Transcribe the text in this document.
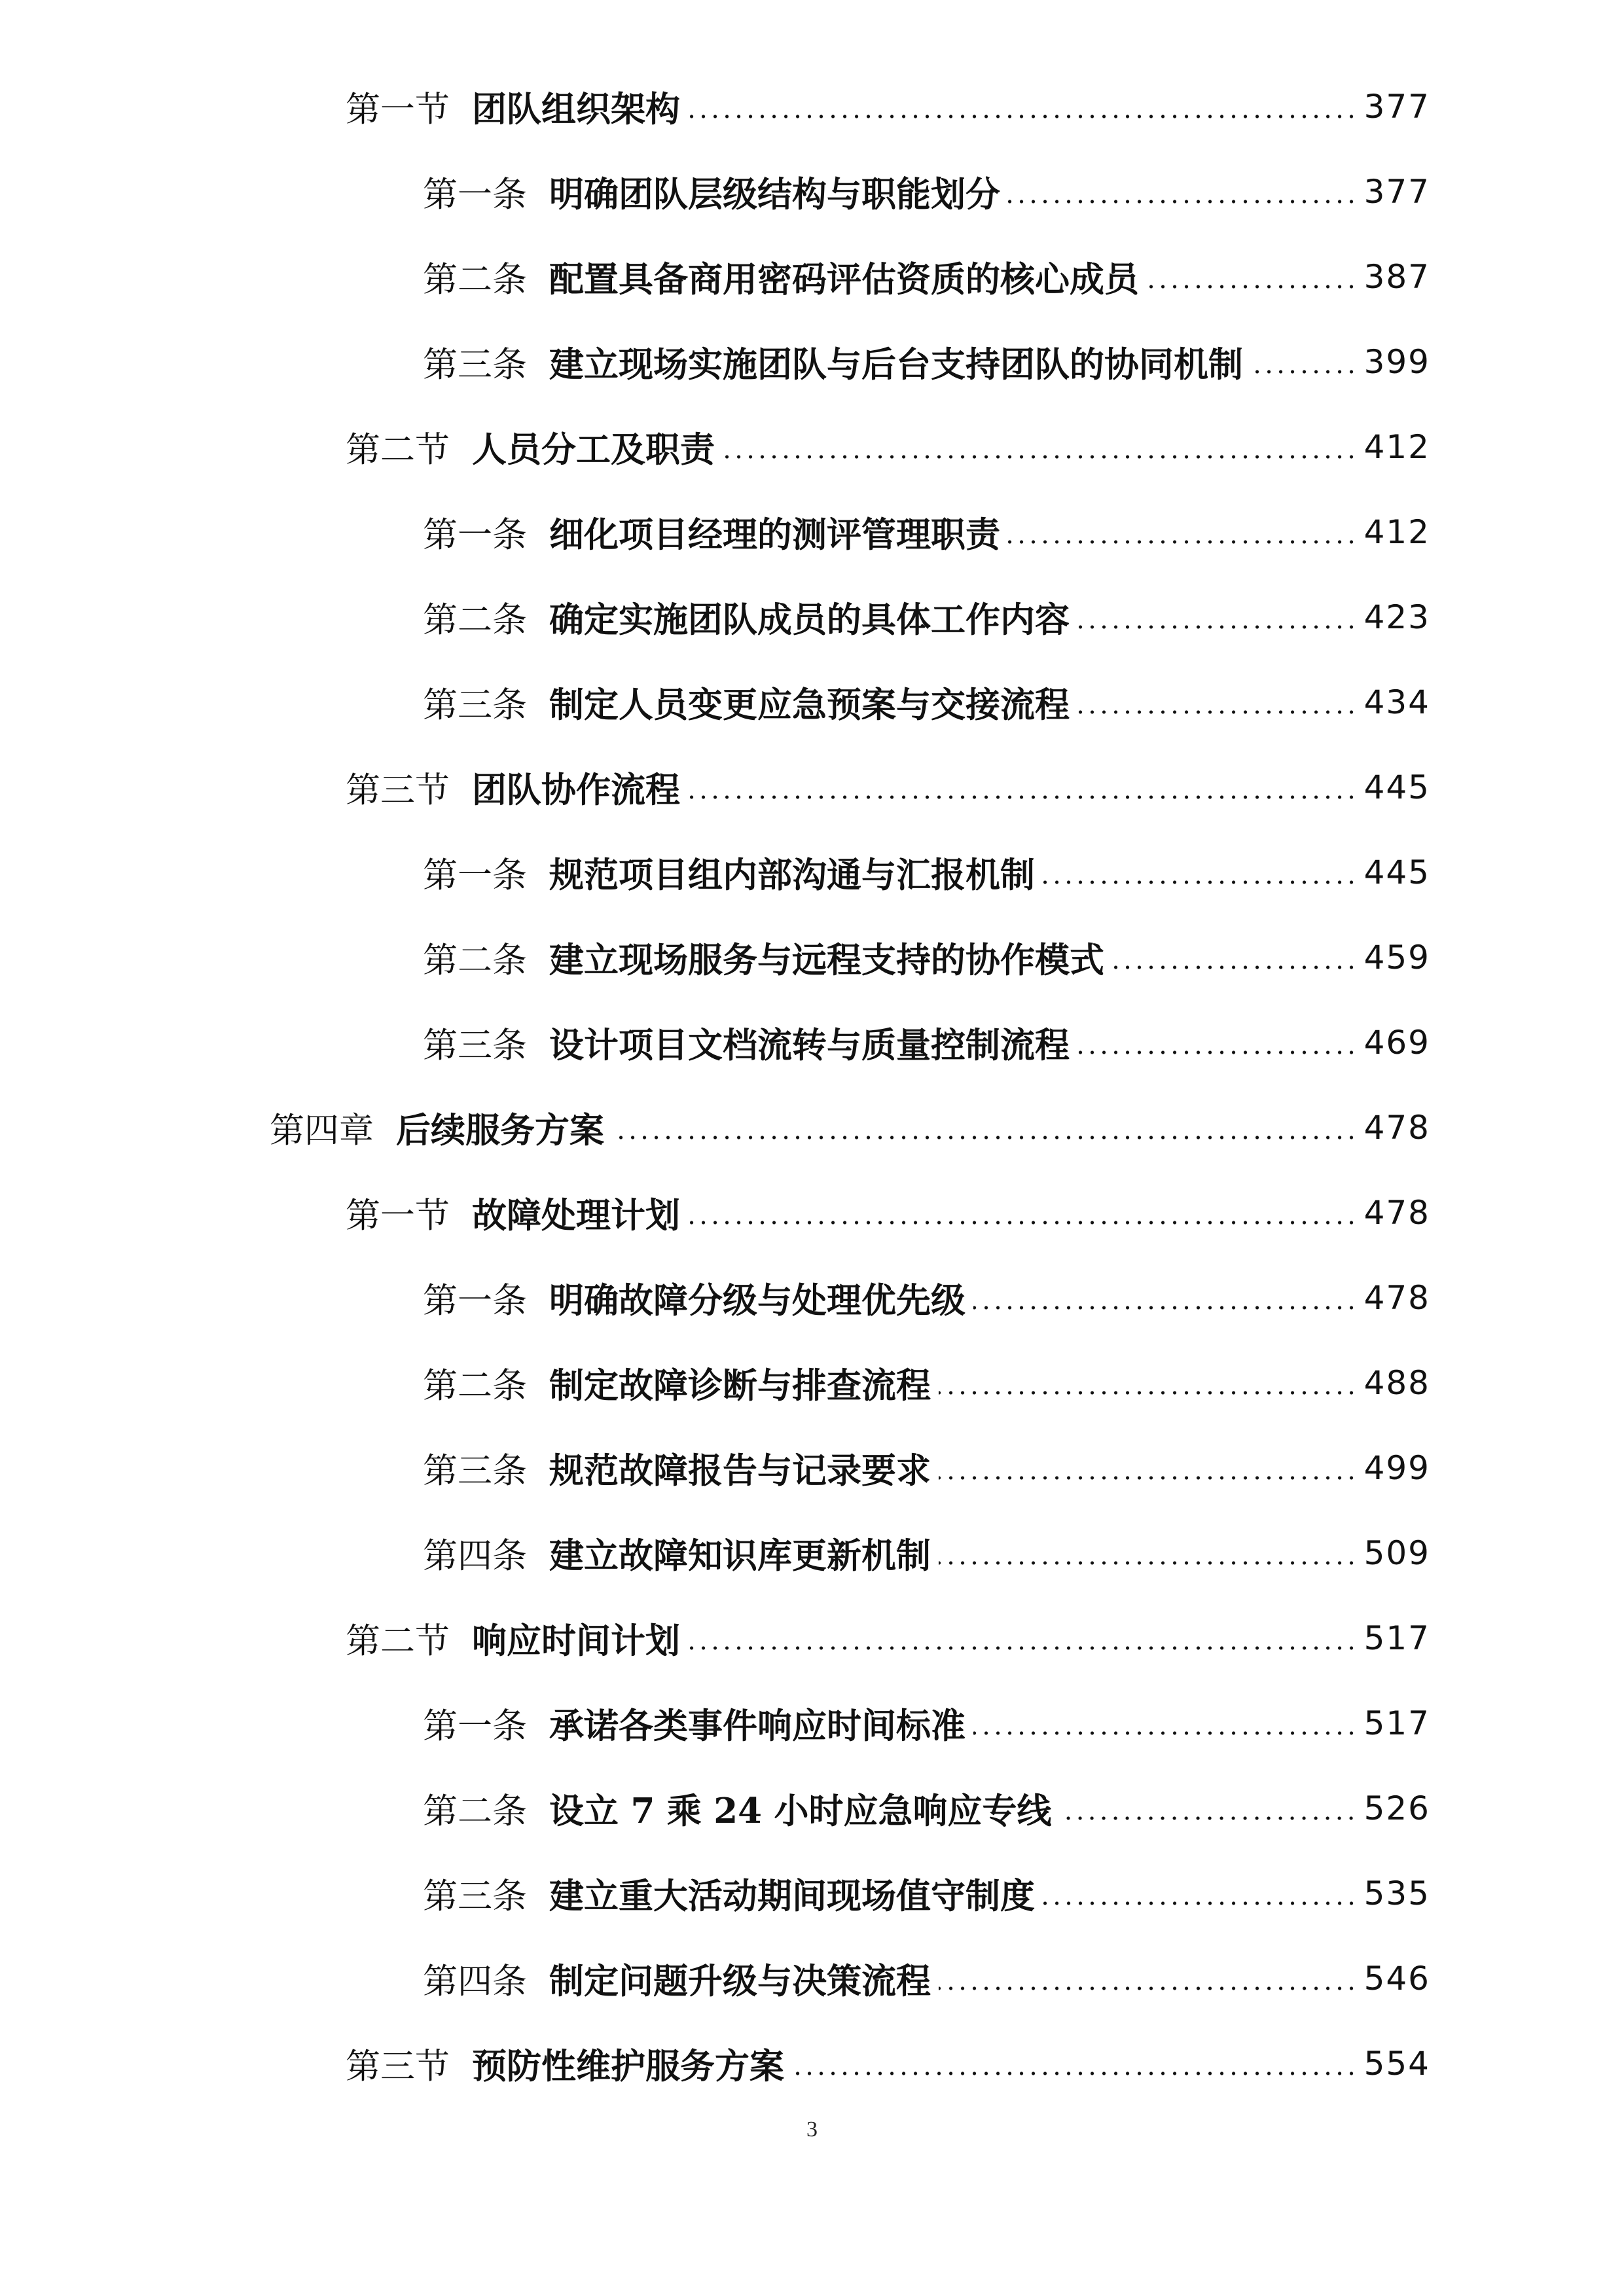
第一节 团队组织架构	377
第一条 明确团队层级结构与职能划分	377
第二条 配置具备商用密码评估资质的核心成员	387
第三条 建立现场实施团队与后台支持团队的协同机制	399
第二节 人员分工及职责	412
第一条 细化项目经理的测评管理职责	412
第二条 确定实施团队成员的具体工作内容	423
第三条 制定人员变更应急预案与交接流程	434
第三节 团队协作流程	445
第一条 规范项目组内部沟通与汇报机制	445
第二条 建立现场服务与远程支持的协作模式	459
第三条 设计项目文档流转与质量控制流程	469
第四章 后续服务方案	478
第一节 故障处理计划	478
第一条 明确故障分级与处理优先级	478
第二条 制定故障诊断与排查流程	488
第三条 规范故障报告与记录要求	499
第四条 建立故障知识库更新机制	509
第二节 响应时间计划	517
第一条 承诺各类事件响应时间标准	517
第二条 设立 7 乘 24 小时应急响应专线	526
第三条 建立重大活动期间现场值守制度	535
第四条 制定问题升级与决策流程	546
第三节 预防性维护服务方案	554
3
